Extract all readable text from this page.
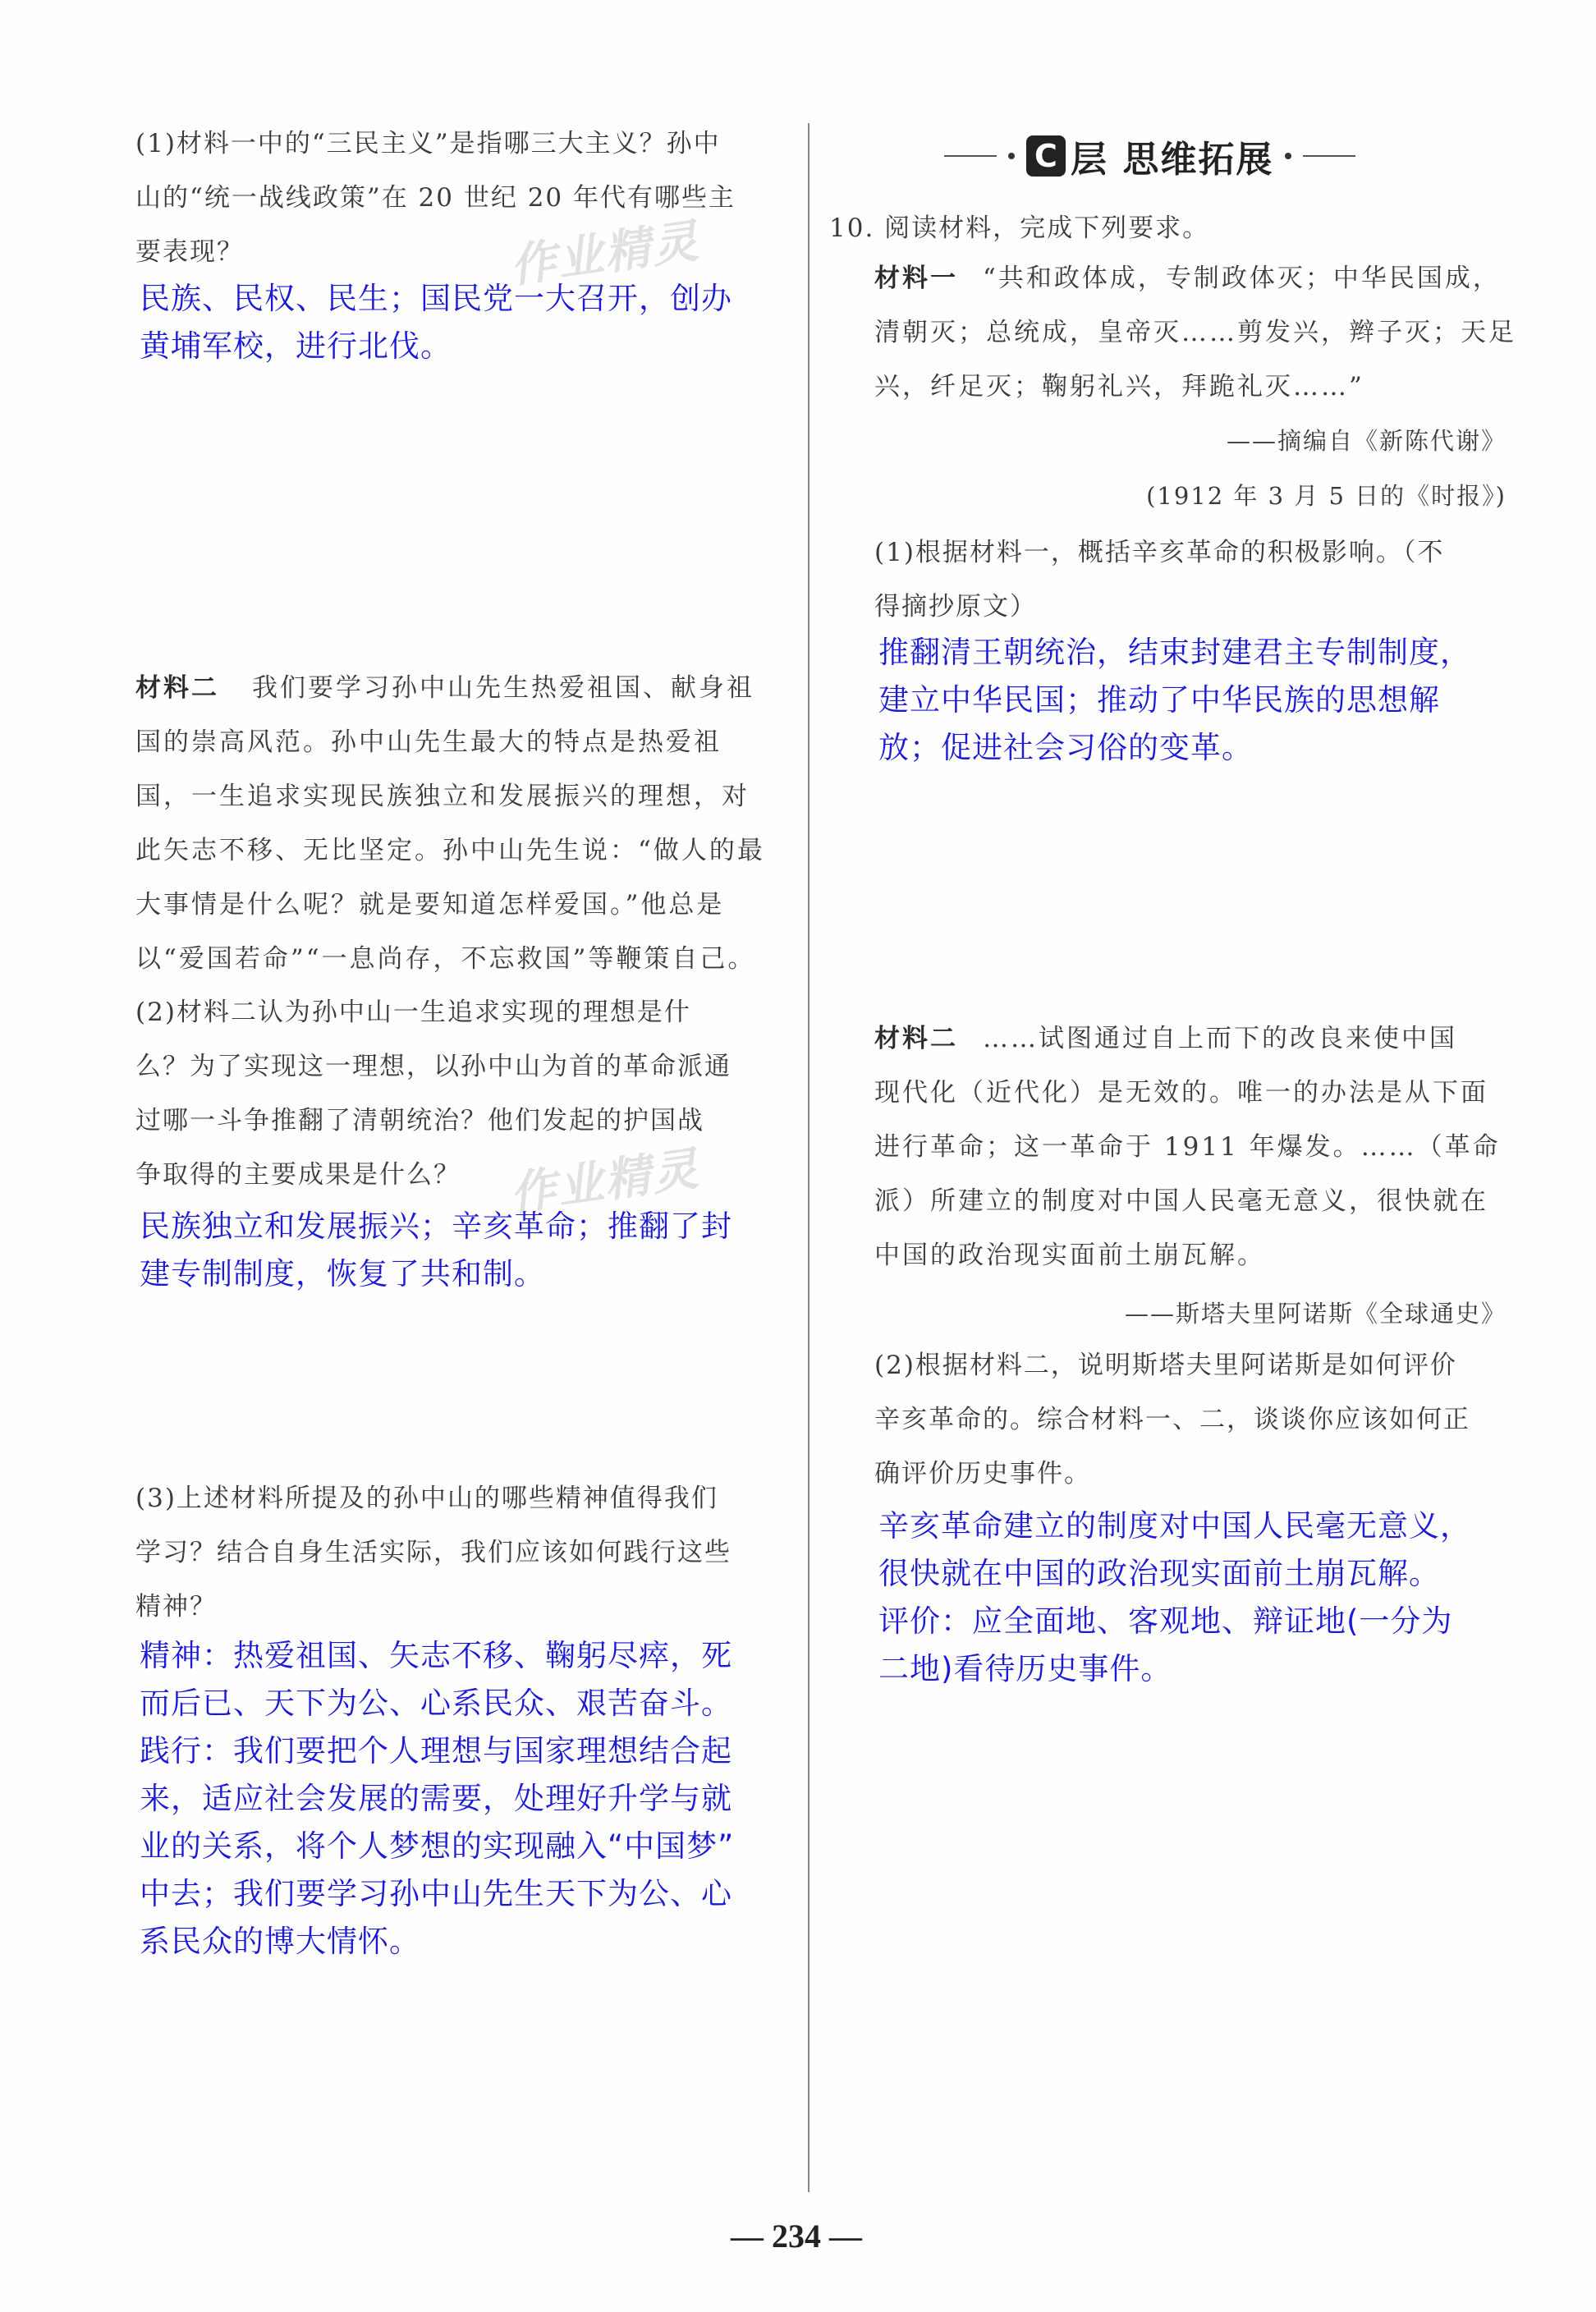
(1)材料一中的“三民主义”是指哪三大主义？孙中
山的“统一战线政策”在 20 世纪 20 年代有哪些主
要表现？
民族、民权、民生；国民党一大召开，创办
黄埔军校，进行北伐。
材料二 我们要学习孙中山先生热爱祖国、献身祖
国的崇高风范。孙中山先生最大的特点是热爱祖
国，一生追求实现民族独立和发展振兴的理想，对
此矢志不移、无比坚定。孙中山先生说：“做人的最
大事情是什么呢？就是要知道怎样爱国。”他总是
以“爱国若命”“一息尚存，不忘救国”等鞭策自己。
(2)材料二认为孙中山一生追求实现的理想是什
么？为了实现这一理想，以孙中山为首的革命派通
过哪一斗争推翻了清朝统治？他们发起的护国战
争取得的主要成果是什么？
民族独立和发展振兴；辛亥革命；推翻了封
建专制制度，恢复了共和制。
(3)上述材料所提及的孙中山的哪些精神值得我们
学习？结合自身生活实际，我们应该如何践行这些
精神？
精神：热爱祖国、矢志不移、鞠躬尽瘁，死
而后已、天下为公、心系民众、艰苦奋斗。
践行：我们要把个人理想与国家理想结合起
来，适应社会发展的需要，处理好升学与就
业的关系，将个人梦想的实现融入“中国梦”
中去；我们要学习孙中山先生天下为公、心
系民众的博大情怀。
作业精灵
作业精灵
C 层 思维拓展
10. 阅读材料，完成下列要求。
材料一 “共和政体成，专制政体灭；中华民国成，
清朝灭；总统成，皇帝灭……剪发兴，辫子灭；天足
兴，纤足灭；鞠躬礼兴，拜跪礼灭……”
——摘编自《新陈代谢》
(1912 年 3 月 5 日的《时报》)
(1)根据材料一，概括辛亥革命的积极影响。（不
得摘抄原文）
推翻清王朝统治，结束封建君主专制制度，
建立中华民国；推动了中华民族的思想解
放；促进社会习俗的变革。
材料二 ……试图通过自上而下的改良来使中国
现代化（近代化）是无效的。唯一的办法是从下面
进行革命；这一革命于 1911 年爆发。……（革命
派）所建立的制度对中国人民毫无意义，很快就在
中国的政治现实面前土崩瓦解。
——斯塔夫里阿诺斯《全球通史》
(2)根据材料二，说明斯塔夫里阿诺斯是如何评价
辛亥革命的。综合材料一、二，谈谈你应该如何正
确评价历史事件。
辛亥革命建立的制度对中国人民毫无意义，
很快就在中国的政治现实面前土崩瓦解。
评价：应全面地、客观地、辩证地(一分为
二地)看待历史事件。
— 234 —
